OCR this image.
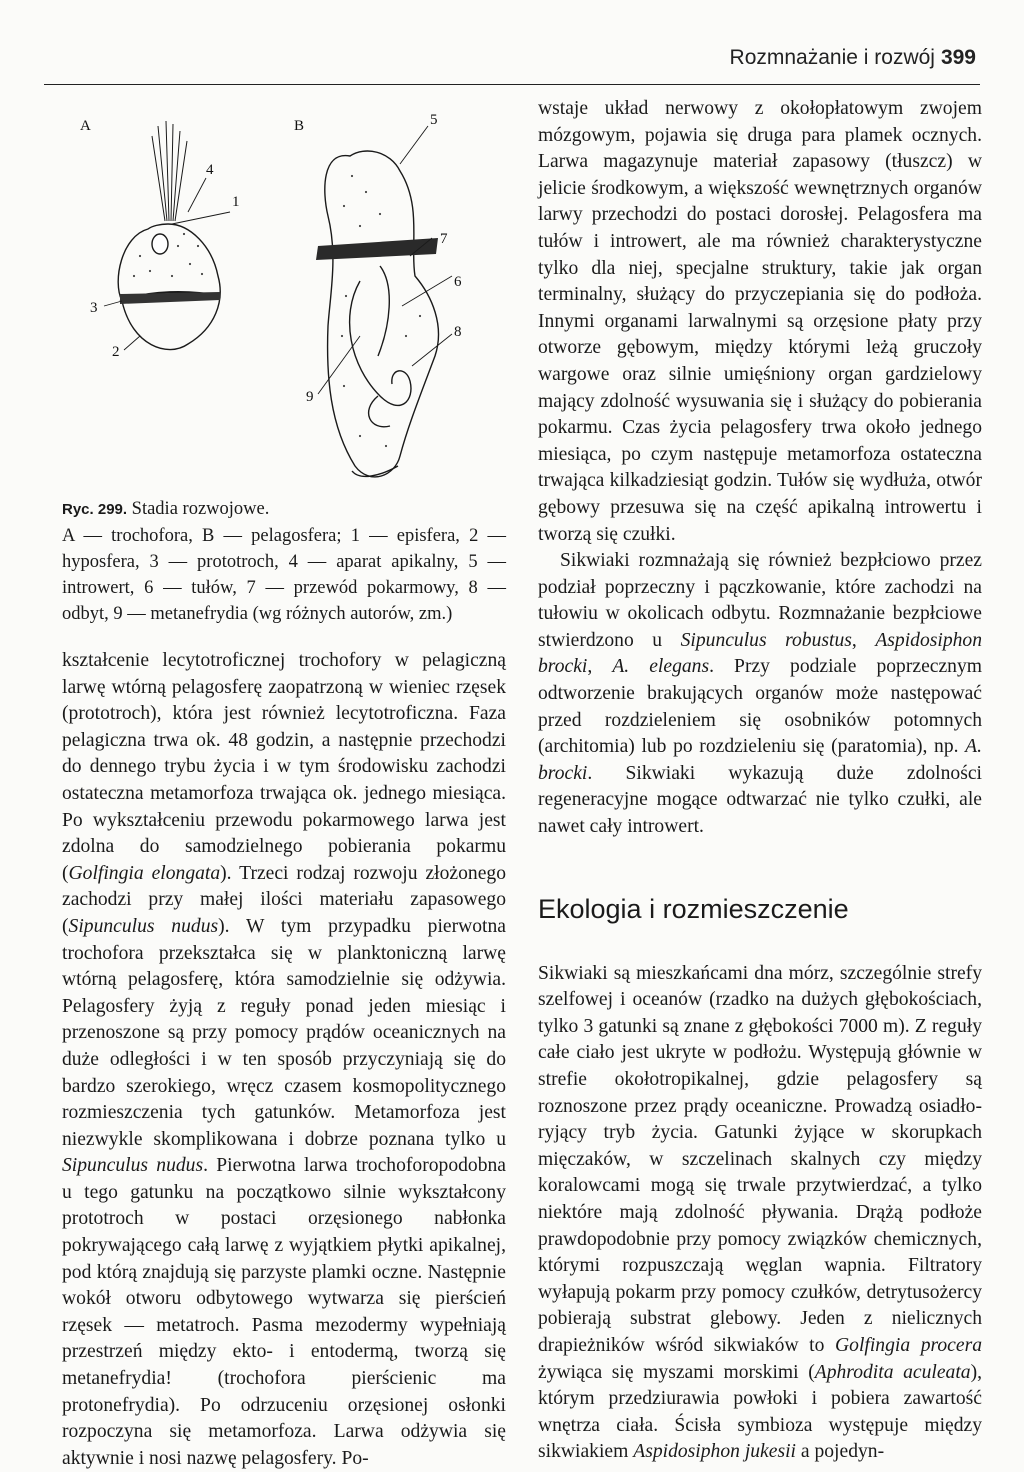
Rozmnażanie i rozwój 399
A	B
4
1
3
2
5
7
6
8
9
Ryc. 299. Stadia rozwojowe.
A — trochofora, B — pelagosfera; 1 — episfera, 2 — hyposfera, 3 — prototroch, 4 — aparat apikalny, 5 — introwert, 6 — tułów, 7 — przewód pokarmowy, 8 — odbyt, 9 — metanefrydia (wg różnych autorów, zm.)

kształcenie lecytotroficznej trochofory w pelagiczną larwę wtórną pelagosferę zaopatrzoną w wieniec rzęsek (prototroch), która jest również lecytotroficzna. Faza pelagiczna trwa ok. 48 godzin, a następnie przechodzi do dennego trybu życia i w tym środowisku zachodzi ostateczna metamorfoza trwająca ok. jednego miesiąca. Po wykształceniu przewodu pokarmowego larwa jest zdolna do samodzielnego pobierania pokarmu (Golfingia elongata). Trzeci rodzaj rozwoju złożonego zachodzi przy małej ilości materiału zapasowego (Sipunculus nudus). W tym przypadku pierwotna trochofora przekształca się w planktoniczną larwę wtórną pelagosferę, która samodzielnie się odżywia. Pelagosfery żyją z reguły ponad jeden miesiąc i przenoszone są przy pomocy prądów oceanicznych na duże odległości i w ten sposób przyczyniają się do bardzo szerokiego, wręcz czasem kosmopolitycznego rozmieszczenia tych gatunków. Metamorfoza jest niezwykle skomplikowana i dobrze poznana tylko u Sipunculus nudus. Pierwotna larwa trochoforopodobna u tego gatunku na początkowo silnie wykształcony prototroch w postaci orzęsionego nabłonka pokrywającego całą larwę z wyjątkiem płytki apikalnej, pod którą znajdują się parzyste plamki oczne. Następnie wokół otworu odbytowego wytwarza się pierścień rzęsek — metatroch. Pasma mezodermy wypełniają przestrzeń między ekto- i entodermą, tworzą się metanefrydia! (trochofora pierścienic ma protonefrydia). Po odrzuceniu orzęsionej osłonki rozpoczyna się metamorfoza. Larwa odżywia się aktywnie i nosi nazwę pelagosfery. Po-

wstaje układ nerwowy z okołopłatowym zwojem mózgowym, pojawia się druga para plamek ocznych. Larwa magazynuje materiał zapasowy (tłuszcz) w jelicie środkowym, a większość wewnętrznych organów larwy przechodzi do postaci dorosłej. Pelagosfera ma tułów i introwert, ale ma również charakterystyczne tylko dla niej, specjalne struktury, takie jak organ terminalny, służący do przyczepiania się do podłoża. Innymi organami larwalnymi są orzęsione płaty przy otworze gębowym, między którymi leżą gruczoły wargowe oraz silnie umięśniony organ gardzielowy mający zdolność wysuwania się i służący do pobierania pokarmu. Czas życia pelagosfery trwa około jednego miesiąca, po czym następuje metamorfoza ostateczna trwająca kilkadziesiąt godzin. Tułów się wydłuża, otwór gębowy przesuwa się na część apikalną introwertu i tworzą się czułki.

Sikwiaki rozmnażają się również bezpłciowo przez podział poprzeczny i pączkowanie, które zachodzi na tułowiu w okolicach odbytu. Rozmnażanie bezpłciowe stwierdzono u Sipunculus robustus, Aspidosiphon brocki, A. elegans. Przy podziale poprzecznym odtworzenie brakujących organów może następować przed rozdzieleniem się osobników potomnych (architomia) lub po rozdzieleniu się (paratomia), np. A. brocki. Sikwiaki wykazują duże zdolności regeneracyjne mogące odtwarzać nie tylko czułki, ale nawet cały introwert.

Ekologia i rozmieszczenie

Sikwiaki są mieszkańcami dna mórz, szczególnie strefy szelfowej i oceanów (rzadko na dużych głębokościach, tylko 3 gatunki są znane z głębokości 7000 m). Z reguły całe ciało jest ukryte w podłożu. Występują głównie w strefie okołotropikalnej, gdzie pelagosfery są roznoszone przez prądy oceaniczne. Prowadzą osiadło-ryjący tryb życia. Gatunki żyjące w skorupkach mięczaków, w szczelinach skalnych czy między koralowcami mogą się trwale przytwierdzać, a tylko niektóre mają zdolność pływania. Drążą podłoże prawdopodobnie przy pomocy związków chemicznych, którymi rozpuszczają węglan wapnia. Filtratory wyłapują pokarm przy pomocy czułków, detrytusożercy pobierają substrat glebowy. Jeden z nielicznych drapieżników wśród sikwiaków to Golfingia procera żywiąca się myszami morskimi (Aphrodita aculeata), którym przedziurawia powłoki i pobiera zawartość wnętrza ciała. Ścisła symbioza występuje między sikwiakiem Aspidosiphon jukesii a pojedyn-
